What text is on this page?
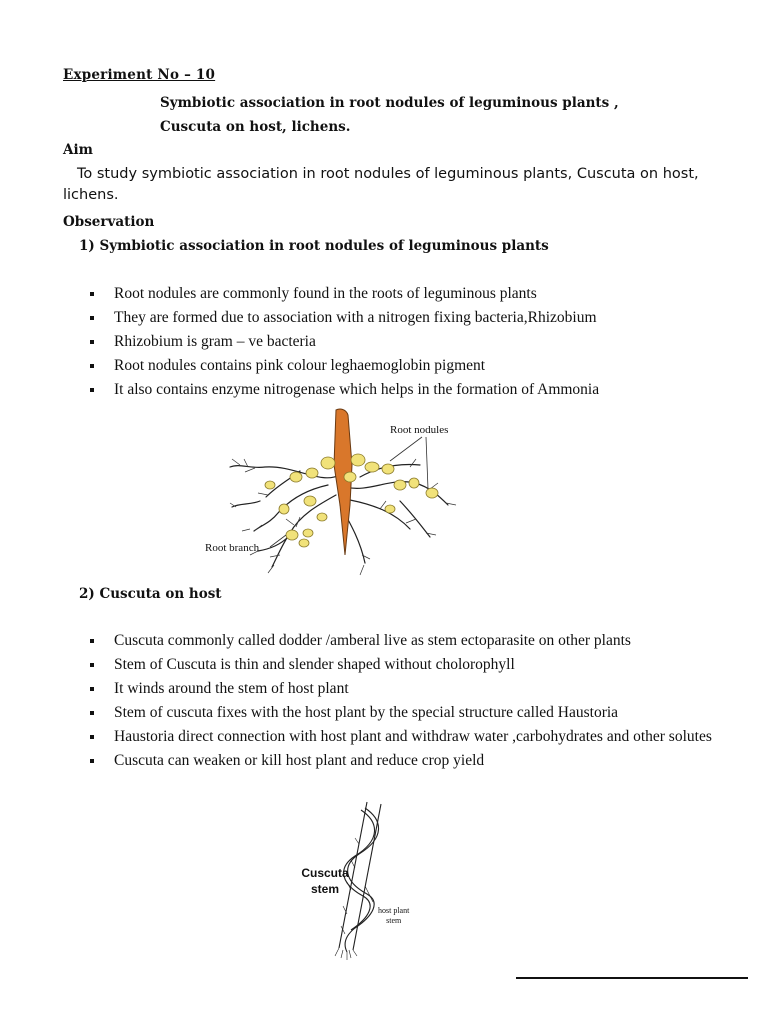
Experiment No – 10
Symbiotic association in root nodules of leguminous plants ,
Cuscuta on host, lichens.
Aim
To study symbiotic association in root nodules of leguminous plants, Cuscuta on host, lichens.
Observation
1) Symbiotic association in root nodules of leguminous plants
Root nodules are commonly found in the roots of leguminous plants
They are formed due to association with a nitrogen fixing bacteria,Rhizobium
Rhizobium is gram – ve bacteria
Root nodules contains pink colour leghaemoglobin pigment
It also contains enzyme nitrogenase which helps in the formation of Ammonia
Root nodules
Root branch
2) Cuscuta on host
Cuscuta commonly called dodder /amberal live as stem ectoparasite on other plants
Stem of Cuscuta is thin and slender shaped without cholorophyll
It winds around the stem of host plant
Stem of cuscuta fixes with the host plant by the special structure called Haustoria
Haustoria direct connection with host plant and withdraw water ,carbohydrates and other solutes
Cuscuta can weaken or kill host plant and reduce crop yield
Cuscuta
stem
host plant
stem
